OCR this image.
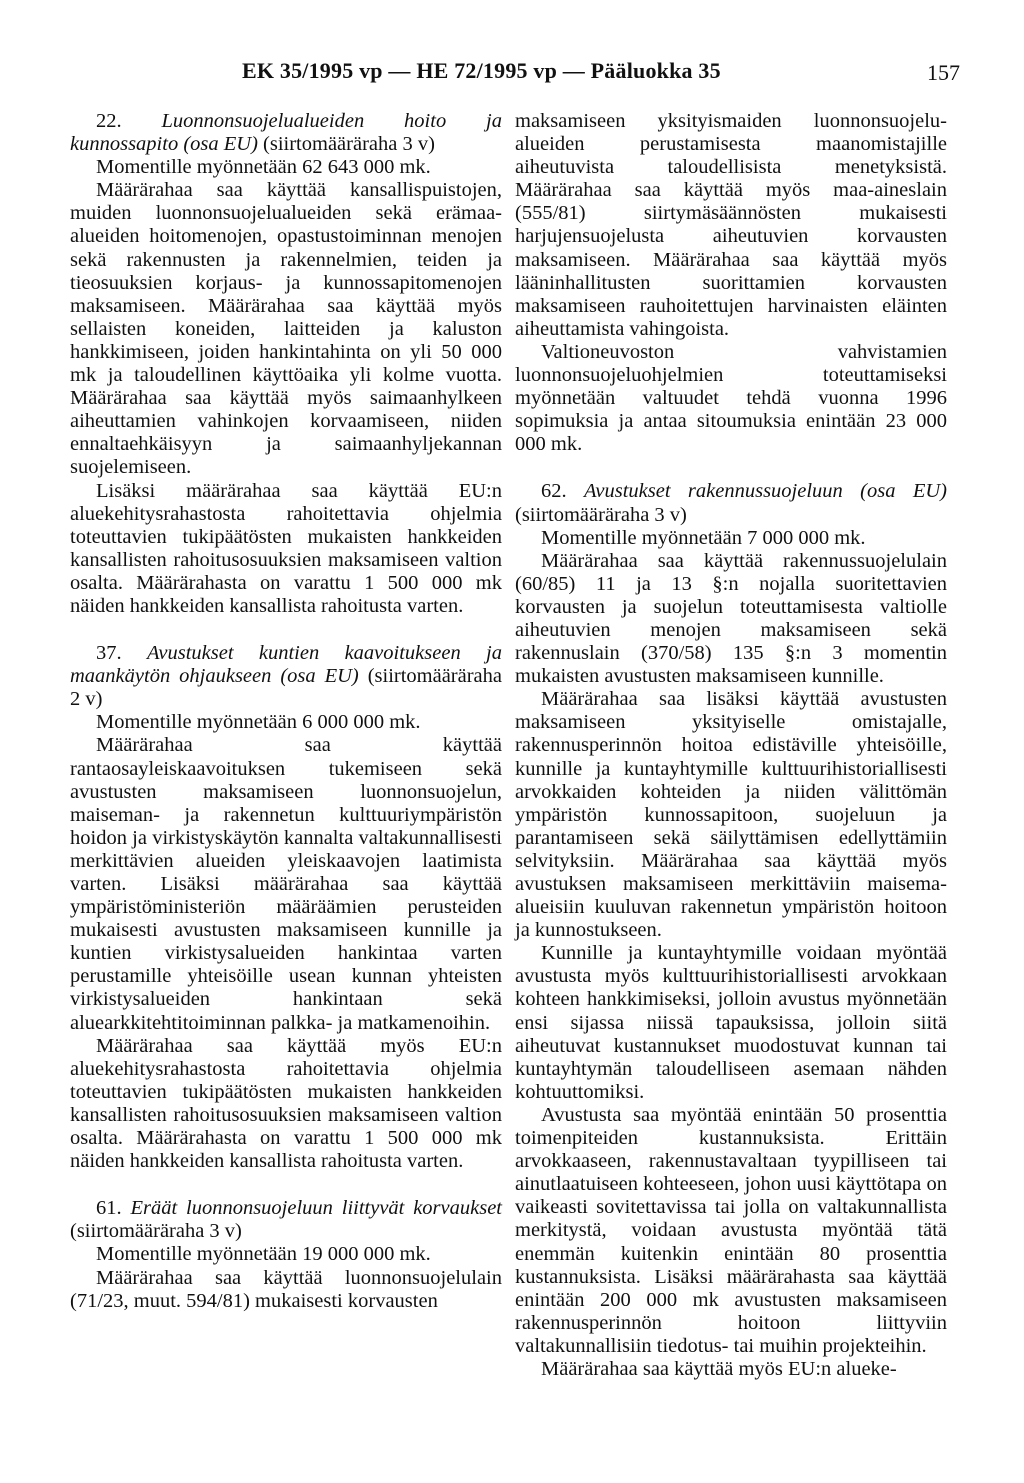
EK 35/1995 vp — HE 72/1995 vp — Pääluokka 35	157

22. Luonnonsuojelualueiden hoito ja kunnossapito (osa EU) (siirtomääräraha 3 v)

Momentille myönnetään 62 643 000 mk.

Määrärahaa saa käyttää kansallispuistojen, muiden luonnonsuojelualueiden sekä erämaaalueiden hoitomenojen, opastustoiminnan menojen sekä rakennusten ja rakennelmien, teiden ja tieosuuksien korjaus- ja kunnossapitomenojen maksamiseen. Määrärahaa saa käyttää myös sellaisten koneiden, laitteiden ja kaluston hankkimiseen, joiden hankintahinta on yli 50 000 mk ja taloudellinen käyttöaika yli kolme vuotta. Määrärahaa saa käyttää myös saimaanhylkeen aiheuttamien vahinkojen korvaamiseen, niiden ennaltaehkäisyyn ja saimaanhyljekannan suojelemiseen.

Lisäksi määrärahaa saa käyttää EU:n aluekehitysrahastosta rahoitettavia ohjelmia toteuttavien tukipäätösten mukaisten hankkeiden kansallisten rahoitusosuuksien maksamiseen valtion osalta. Määrärahasta on varattu 1 500 000 mk näiden hankkeiden kansallista rahoitusta varten.

37. Avustukset kuntien kaavoitukseen ja maankäytön ohjaukseen (osa EU) (siirtomääräraha 2 v)

Momentille myönnetään 6 000 000 mk.

Määrärahaa saa käyttää rantaosayleiskaavoituksen tukemiseen sekä avustusten maksamiseen luonnonsuojelun, maiseman- ja rakennetun kulttuuriympäristön hoidon ja virkistyskäytön kannalta valtakunnallisesti merkittävien alueiden yleiskaavojen laatimista varten. Lisäksi määrärahaa saa käyttää ympäristöministeriön määräämien perusteiden mukaisesti avustusten maksamiseen kunnille ja kuntien virkistysalueiden hankintaa varten perustamille yhteisöille usean kunnan yhteisten virkistysalueiden hankintaan sekä aluearkkitehtitoiminnan palkka- ja matkamenoihin.

Määrärahaa saa käyttää myös EU:n aluekehitysrahastosta rahoitettavia ohjelmia toteuttavien tukipäätösten mukaisten hankkeiden kansallisten rahoitusosuuksien maksamiseen valtion osalta. Määrärahasta on varattu 1 500 000 mk näiden hankkeiden kansallista rahoitusta varten.

61. Eräät luonnonsuojeluun liittyvät korvaukset (siirtomääräraha 3 v)

Momentille myönnetään 19 000 000 mk.

Määrärahaa saa käyttää luonnonsuojelulain (71/23, muut. 594/81) mukaisesti korvausten

maksamiseen yksityismaiden luonnonsuojelualueiden perustamisesta maanomistajille aiheutuvista taloudellisista menetyksistä. Määrärahaa saa käyttää myös maa-aineslain (555/81) siirtymäsäännösten mukaisesti harjujensuojelusta aiheutuvien korvausten maksamiseen. Määrärahaa saa käyttää myös lääninhallitusten suorittamien korvausten maksamiseen rauhoitettujen harvinaisten eläinten aiheuttamista vahingoista.

Valtioneuvoston vahvistamien luonnonsuojeluohjelmien toteuttamiseksi myönnetään valtuudet tehdä vuonna 1996 sopimuksia ja antaa sitoumuksia enintään 23 000 000 mk.

62. Avustukset rakennussuojeluun (osa EU) (siirtomääräraha 3 v)

Momentille myönnetään 7 000 000 mk.

Määrärahaa saa käyttää rakennussuojelulain (60/85) 11 ja 13 §:n nojalla suoritettavien korvausten ja suojelun toteuttamisesta valtiolle aiheutuvien menojen maksamiseen sekä rakennuslain (370/58) 135 §:n 3 momentin mukaisten avustusten maksamiseen kunnille.

Määrärahaa saa lisäksi käyttää avustusten maksamiseen yksityiselle omistajalle, rakennusperinnön hoitoa edistäville yhteisöille, kunnille ja kuntayhtymille kulttuurihistoriallisesti arvokkaiden kohteiden ja niiden välittömän ympäristön kunnossapitoon, suojeluun ja parantamiseen sekä säilyttämisen edellyttämiin selvityksiin. Määrärahaa saa käyttää myös avustuksen maksamiseen merkittäviin maisema-alueisiin kuuluvan rakennetun ympäristön hoitoon ja kunnostukseen.

Kunnille ja kuntayhtymille voidaan myöntää avustusta myös kulttuurihistoriallisesti arvokkaan kohteen hankkimiseksi, jolloin avustus myönnetään ensi sijassa niissä tapauksissa, jolloin siitä aiheutuvat kustannukset muodostuvat kunnan tai kuntayhtymän taloudelliseen asemaan nähden kohtuuttomiksi.

Avustusta saa myöntää enintään 50 prosenttia toimenpiteiden kustannuksista. Erittäin arvokkaaseen, rakennustavaltaan tyypilliseen tai ainutlaatuiseen kohteeseen, johon uusi käyttötapa on vaikeasti sovitettavissa tai jolla on valtakunnallista merkitystä, voidaan avustusta myöntää tätä enemmän kuitenkin enintään 80 prosenttia kustannuksista. Lisäksi määrärahasta saa käyttää enintään 200 000 mk avustusten maksamiseen rakennusperinnön hoitoon liittyviin valtakunnallisiin tiedotus- tai muihin projekteihin.

Määrärahaa saa käyttää myös EU:n alueke-
